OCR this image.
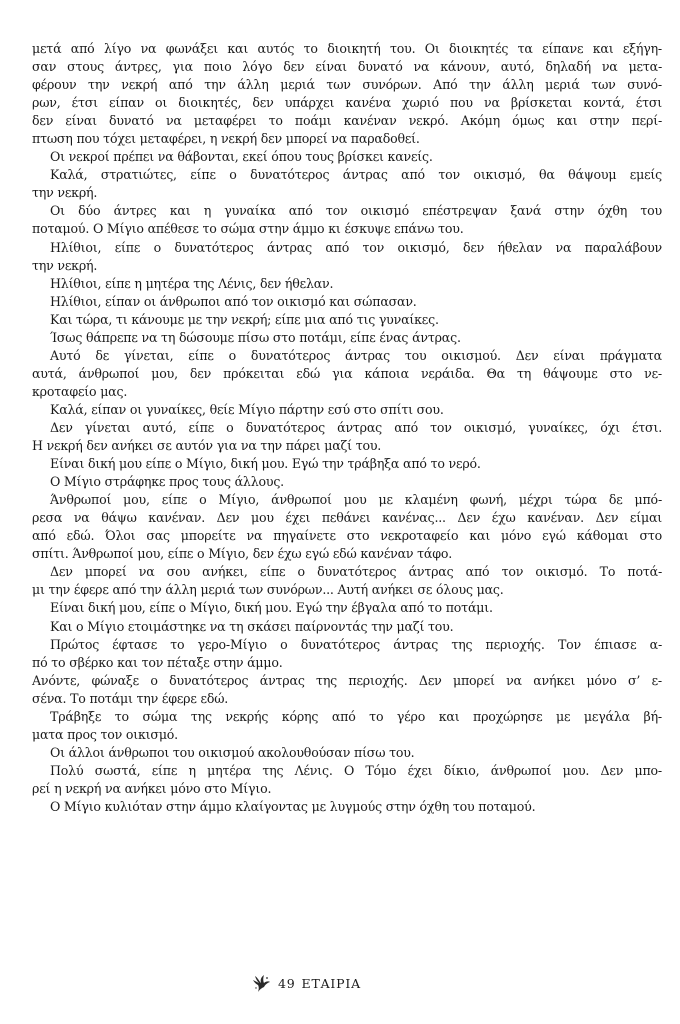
μετά από λίγο να φωνάξει και αυτός το διοικητή του. Οι διοικητές τα είπανε και εξήγη-
σαν στους άντρες, για ποιο λόγο δεν είναι δυνατό να κάνουν, αυτό, δηλαδή να μετα-
φέρουν την νεκρή από την άλλη μεριά των συνόρων. Από την άλλη μεριά των συνό-
ρων, έτσι είπαν οι διοικητές, δεν υπάρχει κανένα χωριό που να βρίσκεται κοντά, έτσι
δεν είναι δυνατό να μεταφέρει το ποάμι κανέναν νεκρό. Ακόμη όμως και στην περί-
πτωση που τόχει μεταφέρει, η νεκρή δεν μπορεί να παραδοθεί.
Οι νεκροί πρέπει να θάβονται, εκεί όπου τους βρίσκει κανείς.
Καλά, στρατιώτες, είπε ο δυνατότερος άντρας από τον οικισμό, θα θάψουμ εμείς
την νεκρή.
Οι δύο άντρες και η γυναίκα από τον οικισμό επέστρεψαν ξανά στην όχθη του
ποταμού. Ο Μίγιο απέθεσε το σώμα στην άμμο κι έσκυψε επάνω του.
Ηλίθιοι, είπε ο δυνατότερος άντρας από τον οικισμό, δεν ήθελαν να παραλάβουν
την νεκρή.
Ηλίθιοι, είπε η μητέρα της Λένις, δεν ήθελαν.
Ηλίθιοι, είπαν οι άνθρωποι από τον οικισμό και σώπασαν.
Και τώρα, τι κάνουμε με την νεκρή; είπε μια από τις γυναίκες.
Ίσως θάπρεπε να τη δώσουμε πίσω στο ποτάμι, είπε ένας άντρας.
Αυτό δε γίνεται, είπε ο δυνατότερος άντρας του οικισμού. Δεν είναι πράγματα
αυτά, άνθρωποί μου, δεν πρόκειται εδώ για κάποια νεράιδα. Θα τη θάψουμε στο νε-
κροταφείο μας.
Καλά, είπαν οι γυναίκες, θείε Μίγιο πάρτην εσύ στο σπίτι σου.
Δεν γίνεται αυτό, είπε ο δυνατότερος άντρας από τον οικισμό, γυναίκες, όχι έτσι.
Η νεκρή δεν ανήκει σε αυτόν για να την πάρει μαζί του.
Είναι δική μου είπε ο Μίγιο, δική μου. Εγώ την τράβηξα από το νερό.
Ο Μίγιο στράφηκε προς τους άλλους.
Άνθρωποί μου, είπε ο Μίγιο, άνθρωποί μου με κλαμένη φωνή, μέχρι τώρα δε μπό-
ρεσα να θάψω κανέναν. Δεν μου έχει πεθάνει κανένας... Δεν έχω κανέναν. Δεν είμαι
από εδώ. Όλοι σας μπορείτε να πηγαίνετε στο νεκροταφείο και μόνο εγώ κάθομαι στο
σπίτι. Άνθρωποί μου, είπε ο Μίγιο, δεν έχω εγώ εδώ κανέναν τάφο.
Δεν μπορεί να σου ανήκει, είπε ο δυνατότερος άντρας από τον οικισμό. Το ποτά-
μι την έφερε από την άλλη μεριά των συνόρων... Αυτή ανήκει σε όλους μας.
Είναι δική μου, είπε ο Μίγιο, δική μου. Εγώ την έβγαλα από το ποτάμι.
Και ο Μίγιο ετοιμάστηκε να τη σκάσει παίρνοντάς την μαζί του.
Πρώτος έφτασε το γερο-Μίγιο ο δυνατότερος άντρας της περιοχής. Τον έπιασε α-
πό το σβέρκο και τον πέταξε στην άμμο.
Ανόντε, φώναξε ο δυνατότερος άντρας της περιοχής. Δεν μπορεί να ανήκει μόνο σ’ ε-
σένα. Το ποτάμι την έφερε εδώ.
Τράβηξε το σώμα της νεκρής κόρης από το γέρο και προχώρησε με μεγάλα βή-
ματα προς τον οικισμό.
Οι άλλοι άνθρωποι του οικισμού ακολουθούσαν πίσω του.
Πολύ σωστά, είπε η μητέρα της Λένις. Ο Τόμο έχει δίκιο, άνθρωποί μου. Δεν μπο-
ρεί η νεκρή να ανήκει μόνο στο Μίγιο.
Ο Μίγιο κυλιόταν στην άμμο κλαίγοντας με λυγμούς στην όχθη του ποταμού.
49 ΕΤΑΙΡΙΑ
